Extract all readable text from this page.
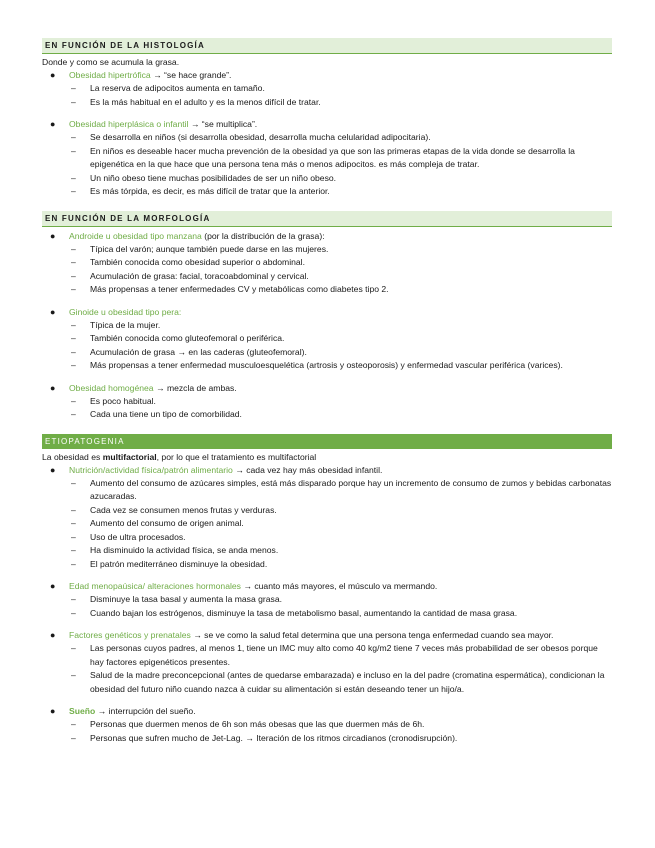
EN FUNCIÓN DE LA HISTOLOGÍA

Donde y como se acumula la grasa.

● Obesidad hipertrófica → “se hace grande”.

– La reserva de adipocitos aumenta en tamaño.

– Es la más habitual en el adulto y es la menos difícil de tratar.

● Obesidad hiperplásica o infantil → “se multiplica”.

– Se desarrolla en niños (si desarrolla obesidad, desarrolla mucha celularidad adipocitaria).

– En niños es deseable hacer mucha prevención de la obesidad ya que son las primeras etapas de la vida donde se desarrolla la epigenética en la que hace que una persona tena más o menos adipocitos. es más compleja de tratar.

– Un niño obeso tiene muchas posibilidades de ser un niño obeso.

– Es más tórpida, es decir, es más difícil de tratar que la anterior.

EN FUNCIÓN DE LA MORFOLOGÍA

● Androide u obesidad tipo manzana (por la distribución de la grasa):

– Típica del varón; aunque también puede darse en las mujeres.

– También conocida como obesidad superior o abdominal.

– Acumulación de grasa: facial, toracoabdominal y cervical.

– Más propensas a tener enfermedades CV y metabólicas como diabetes tipo 2.

● Ginoide u obesidad tipo pera:

– Típica de la mujer.

– También conocida como gluteofemoral o periférica.

– Acumulación de grasa → en las caderas (gluteofemoral).

– Más propensas a tener enfermedad musculoesquelética (artrosis y osteoporosis) y enfermedad vascular periférica (varices).

● Obesidad homogénea → mezcla de ambas.

– Es poco habitual.

– Cada una tiene un tipo de comorbilidad.

ETIOPATOGENIA

La obesidad es multifactorial, por lo que el tratamiento es multifactorial

● Nutrición/actividad física/patrón alimentario → cada vez hay más obesidad infantil.

– Aumento del consumo de azúcares simples, está más disparado porque hay un incremento de consumo de zumos y bebidas carbonatas azucaradas.

– Cada vez se consumen menos frutas y verduras.

– Aumento del consumo de origen animal.

– Uso de ultra procesados.

– Ha disminuido la actividad física, se anda menos.

– El patrón mediterráneo disminuye la obesidad.

● Edad menopaúsica/ alteraciones hormonales → cuanto más mayores, el músculo va mermando.

– Disminuye la tasa basal y aumenta la masa grasa.

– Cuando bajan los estrógenos, disminuye la tasa de metabolismo basal, aumentando la cantidad de masa grasa.

● Factores genéticos y prenatales → se ve como la salud fetal determina que una persona tenga enfermedad cuando sea mayor.

– Las personas cuyos padres, al menos 1, tiene un IMC muy alto como 40 kg/m2 tiene 7 veces más probabilidad de ser obesos porque hay factores epigenéticos presentes.

– Salud de la madre preconcepcional (antes de quedarse embarazada) e incluso en la del padre (cromatina espermática), condicionan la obesidad del futuro niño cuando nazca à cuidar su alimentación si están deseando tener un hijo/a.

● Sueño → interrupción del sueño.

– Personas que duermen menos de 6h son más obesas que las que duermen más de 6h.

– Personas que sufren mucho de Jet-Lag. → Iteración de los ritmos circadianos (cronodisrupción).
